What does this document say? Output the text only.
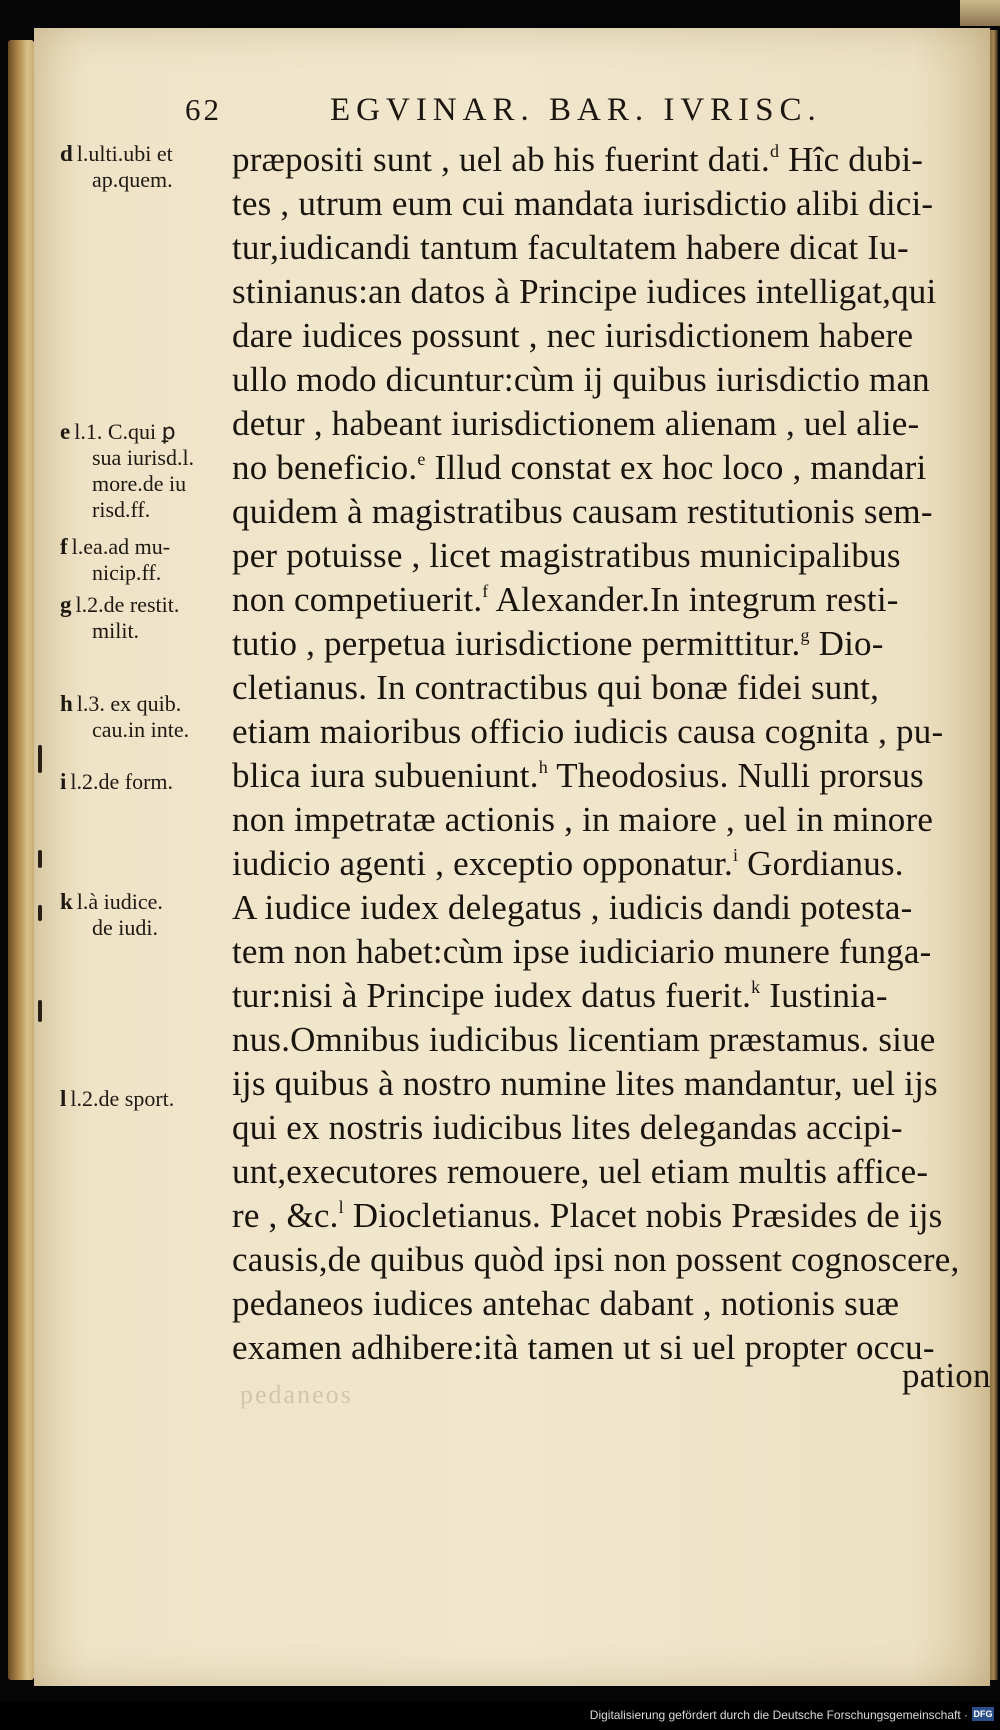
62	EGVINAR. BAR. IVRISC.
d l.ulti.ubi et
ap.quem.
e l.1. C.qui ꝑ
sua iurisd.l.
more.de iu
risd.ff.
f l.ea.ad mu-
nicip.ff.
g l.2.de restit.
milit.
h l.3. ex quib.
cau.in inte.
i l.2.de form.
k l.à iudice.
de iudi.
l l.2.de sport.
præpositi sunt , uel ab his fuerint dati.$^d$ Hîc dubi-
tes , utrum eum cui mandata iurisdictio alibi dici-
tur,iudicandi tantum facultatem habere dicat Iu-
stinianus:an datos à Principe iudices intelligat,qui
dare iudices possunt , nec iurisdictionem habere
ullo modo dicuntur:cùm ij quibus iurisdictio man
detur , habeant iurisdictionem alienam , uel alie-
no beneficio.$^e$ Illud constat ex hoc loco , mandari
quidem à magistratibus causam restitutionis sem-
per potuisse , licet magistratibus municipalibus
non competiuerit.$^f$ Alexander.In integrum resti-
tutio , perpetua iurisdictione permittitur.$^g$ Dio-
cletianus. In contractibus qui bonæ fidei sunt,
etiam maioribus officio iudicis causa cognita , pu-
blica iura subueniunt.$^h$ Theodosius. Nulli prorsus
non impetratæ actionis , in maiore , uel in minore
iudicio agenti , exceptio opponatur.$^i$ Gordianus.
A iudice iudex delegatus , iudicis dandi potesta-
tem non habet:cùm ipse iudiciario munere funga-
tur:nisi à Principe iudex datus fuerit.$^k$ Iustinia-
nus.Omnibus iudicibus licentiam præstamus. siue
ijs quibus à nostro numine lites mandantur, uel ijs
qui ex nostris iudicibus lites delegandas accipi-
unt,executores remouere, uel etiam multis affice-
re , &c.$^l$ Diocletianus. Placet nobis Præsides de ijs
causis,de quibus quòd ipsi non possent cognoscere,
pedaneos iudices antehac dabant , notionis suæ
examen adhibere:ità tamen ut si uel propter occu-
pation
pedaneos
Digitalisierung gefördert durch die Deutsche Forschungsgemeinschaft · DFG
